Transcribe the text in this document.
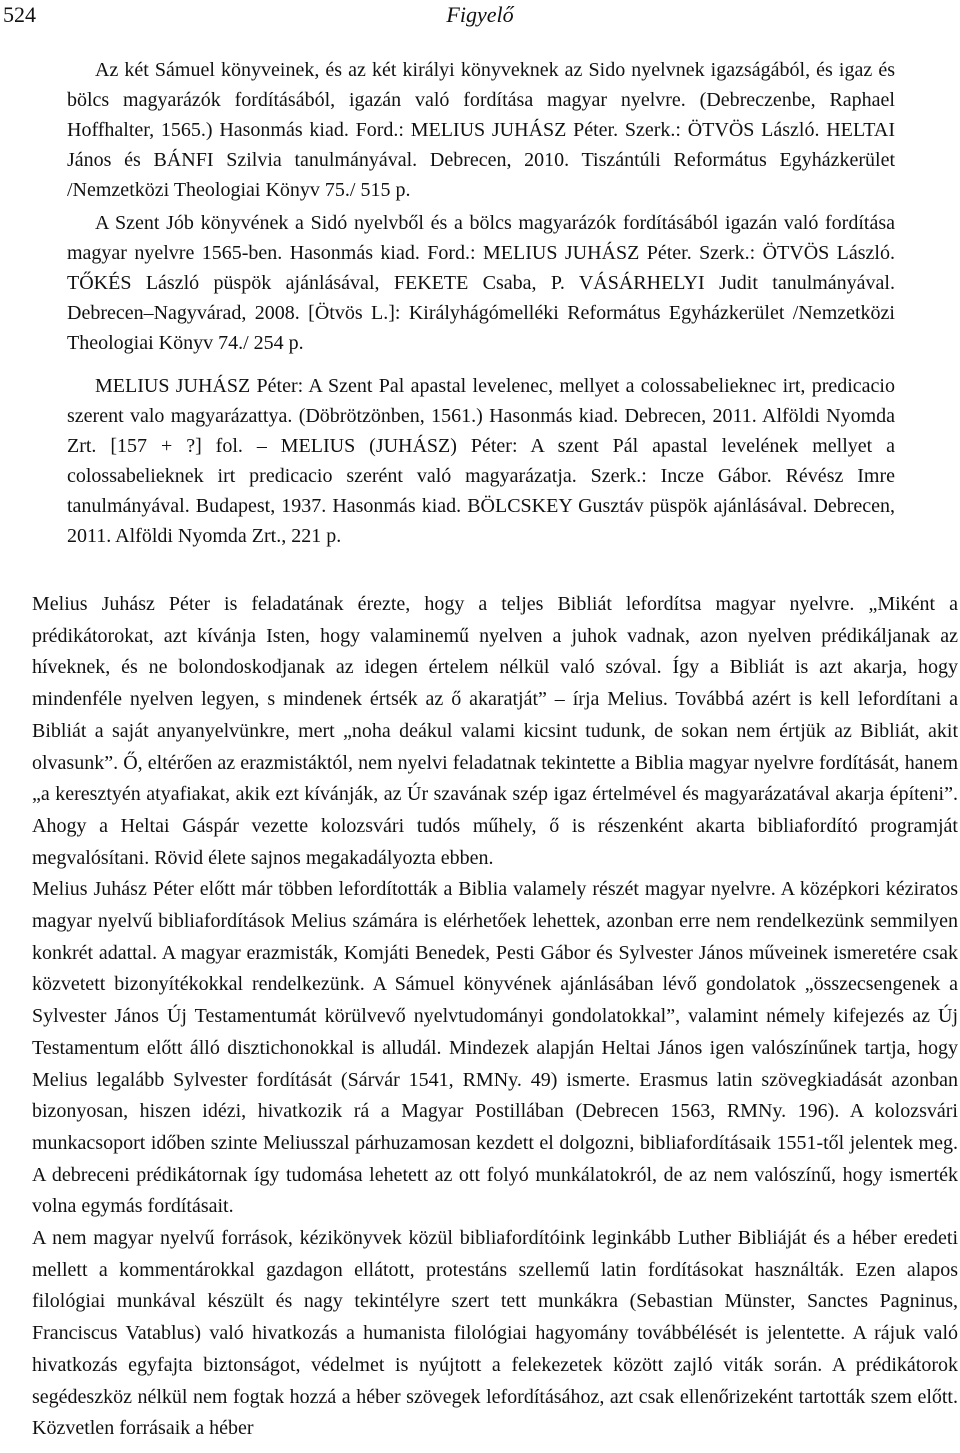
524	Figyelő

Az két Sámuel könyveinek, és az két királyi könyveknek az Sido nyelvnek igazságából, és igaz és bölcs magyarázók fordításából, igazán való fordítása magyar nyelvre. (Debreczenbe, Raphael Hoffhalter, 1565.) Hasonmás kiad. Ford.: MELIUS JUHÁSZ Péter. Szerk.: ÖTVÖS László. HELTAI János és BÁNFI Szilvia tanulmányával. Debrecen, 2010. Tiszántúli Református Egyházkerület /Nemzetközi Theologiai Könyv 75./ 515 p.

A Szent Jób könyvének a Sidó nyelvből és a bölcs magyarázók fordításából igazán való fordítása magyar nyelvre 1565-ben. Hasonmás kiad. Ford.: MELIUS JUHÁSZ Péter. Szerk.: ÖTVÖS László. TŐKÉS László püspök ajánlásával, FEKETE Csaba, P. VÁSÁRHELYI Judit tanulmányával. Debrecen–Nagyvárad, 2008. [Ötvös L.]: Királyhágómelléki Református Egyházkerület /Nemzetközi Theologiai Könyv 74./ 254 p.

MELIUS JUHÁSZ Péter: A Szent Pal apastal levelenec, mellyet a colossabelieknec irt, predicacio szerent valo magyarázattya. (Döbrötzönben, 1561.) Hasonmás kiad. Debrecen, 2011. Alföldi Nyomda Zrt. [157 + ?] fol. – MELIUS (JUHÁSZ) Péter: A szent Pál apastal levelének mellyet a colossabelieknek irt predicacio szerént való magyarázatja. Szerk.: Incze Gábor. Révész Imre tanulmányával. Budapest, 1937. Hasonmás kiad. BÖLCSKEY Gusztáv püspök ajánlásával. Debrecen, 2011. Alföldi Nyomda Zrt., 221 p.

Melius Juhász Péter is feladatának érezte, hogy a teljes Bibliát lefordítsa magyar nyelvre. „Miként a prédikátorokat, azt kívánja Isten, hogy valaminemű nyelven a juhok vadnak, azon nyelven prédikáljanak az híveknek, és ne bolondoskodjanak az idegen értelem nélkül való szóval. Így a Bibliát is azt akarja, hogy mindenféle nyelven legyen, s mindenek értsék az ő akaratját” – írja Melius. Továbbá azért is kell lefordítani a Bibliát a saját anyanyelvünkre, mert „noha deákul valami kicsint tudunk, de sokan nem értjük az Bibliát, akit olvasunk”. Ő, eltérően az erazmistáktól, nem nyelvi feladatnak tekintette a Biblia magyar nyelvre fordítását, hanem „a keresztyén atyafiakat, akik ezt kívánják, az Úr szavának szép igaz értelmével és magyarázatával akarja építeni”. Ahogy a Heltai Gáspár vezette kolozsvári tudós műhely, ő is részenként akarta bibliafordító programját megvalósítani. Rövid élete sajnos megakadályozta ebben.

Melius Juhász Péter előtt már többen lefordították a Biblia valamely részét magyar nyelvre. A középkori kéziratos magyar nyelvű bibliafordítások Melius számára is elérhetőek lehettek, azonban erre nem rendelkezünk semmilyen konkrét adattal. A magyar erazmisták, Komjáti Benedek, Pesti Gábor és Sylvester János műveinek ismeretére csak közvetett bizonyítékokkal rendelkezünk. A Sámuel könyvének ajánlásában lévő gondolatok „összecsengenek a Sylvester János Új Testamentumát körülvevő nyelvtudományi gondolatokkal”, valamint némely kifejezés az Új Testamentum előtt álló disztichonokkal is alludál. Mindezek alapján Heltai János igen valószínűnek tartja, hogy Melius legalább Sylvester fordítását (Sárvár 1541, RMNy. 49) ismerte. Erasmus latin szövegkiadását azonban bizonyosan, hiszen idézi, hivatkozik rá a Magyar Postillában (Debrecen 1563, RMNy. 196). A kolozsvári munkacsoport időben szinte Meliusszal párhuzamosan kezdett el dolgozni, bibliafordításaik 1551-től jelentek meg. A debreceni prédikátornak így tudomása lehetett az ott folyó munkálatokról, de az nem valószínű, hogy ismerték volna egymás fordításait.

A nem magyar nyelvű források, kézikönyvek közül bibliafordítóink leginkább Luther Bibliáját és a héber eredeti mellett a kommentárokkal gazdagon ellátott, protestáns szellemű latin fordításokat használták. Ezen alapos filológiai munkával készült és nagy tekintélyre szert tett munkákra (Sebastian Münster, Sanctes Pagninus, Franciscus Vatablus) való hivatkozás a humanista filológiai hagyomány továbbélését is jelentette. A rájuk való hivatkozás egyfajta biztonságot, védelmet is nyújtott a felekezetek között zajló viták során. A prédikátorok segédeszköz nélkül nem fogtak hozzá a héber szövegek lefordításához, azt csak ellenőrizeként tartották szem előtt. Közvetlen forrásaik a héber
